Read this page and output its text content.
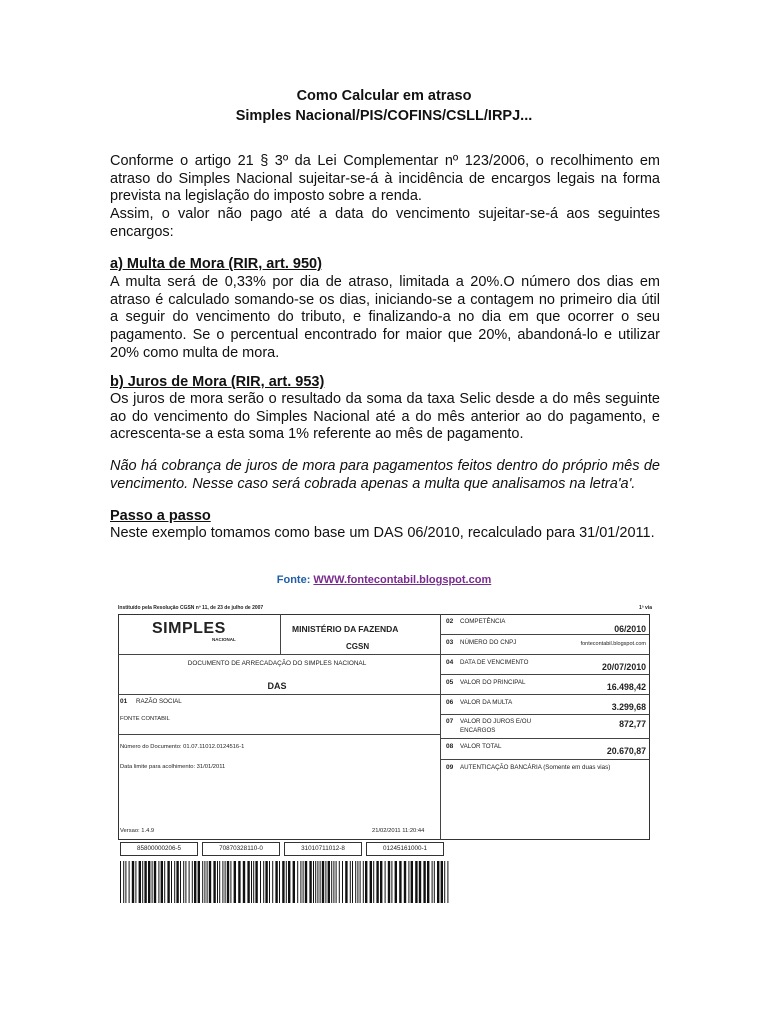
Como Calcular em atraso
Simples Nacional/PIS/COFINS/CSLL/IRPJ...

Conforme o artigo 21 § 3º da Lei Complementar nº 123/2006, o recolhimento em atraso do Simples Nacional sujeitar-se-á à incidência de encargos legais na forma prevista na legislação do imposto sobre a renda.

Assim, o valor não pago até a data do vencimento sujeitar-se-á aos seguintes encargos:

a) Multa de Mora (RIR, art. 950)
A multa será de 0,33% por dia de atraso, limitada a 20%.O número dos dias em atraso é calculado somando-se os dias, iniciando-se a contagem no primeiro dia útil a seguir do vencimento do tributo, e finalizando-a no dia em que ocorrer o seu pagamento. Se o percentual encontrado for maior que 20%, abandoná-lo e utilizar 20% como multa de mora.
b) Juros de Mora (RIR, art. 953)
Os juros de mora serão o resultado da soma da taxa Selic desde a do mês seguinte ao do vencimento do Simples Nacional até a do mês anterior ao do pagamento, e acrescenta-se a esta soma 1% referente ao mês de pagamento.
Não há cobrança de juros de mora para pagamentos feitos dentro do próprio mês de vencimento. Nesse caso será cobrada apenas a multa que analisamos na letra'a'.
Passo a passo
Neste exemplo tomamos como base um DAS 06/2010, recalculado para 31/01/2011.
Fonte: WWW.fontecontabil.blogspot.com
Instituído pela Resolução CGSN nº 11, de 23 de julho de 2007	1ª via
SIMPLES
NACIONAL
MINISTÉRIO DA FAZENDA
CGSN
DOCUMENTO DE ARRECADAÇÃO DO SIMPLES NACIONAL
DAS
01 RAZÃO SOCIAL
FONTE CONTABIL
Número do Documento: 01.07.11012.0124516-1
Data limite para acolhimento: 31/01/2011
Versao: 1.4.9	21/02/2011 11:20:44
02 COMPETÊNCIA
06/2010
03 NÚMERO DO CNPJ	fontecontabil.blogspot.com
04 DATA DE VENCIMENTO	20/07/2010
05 VALOR DO PRINCIPAL	16.498,42
06 VALOR DA MULTA	3.299,68
07 VALOR DO JUROS E/OU
ENCARGOS
872,77
08 VALOR TOTAL	20.670,87
09 AUTENTICAÇÃO BANCÁRIA (Somente em duas vias)
85800000206-5	70870328110-0	31010711012-8	01245161000-1
